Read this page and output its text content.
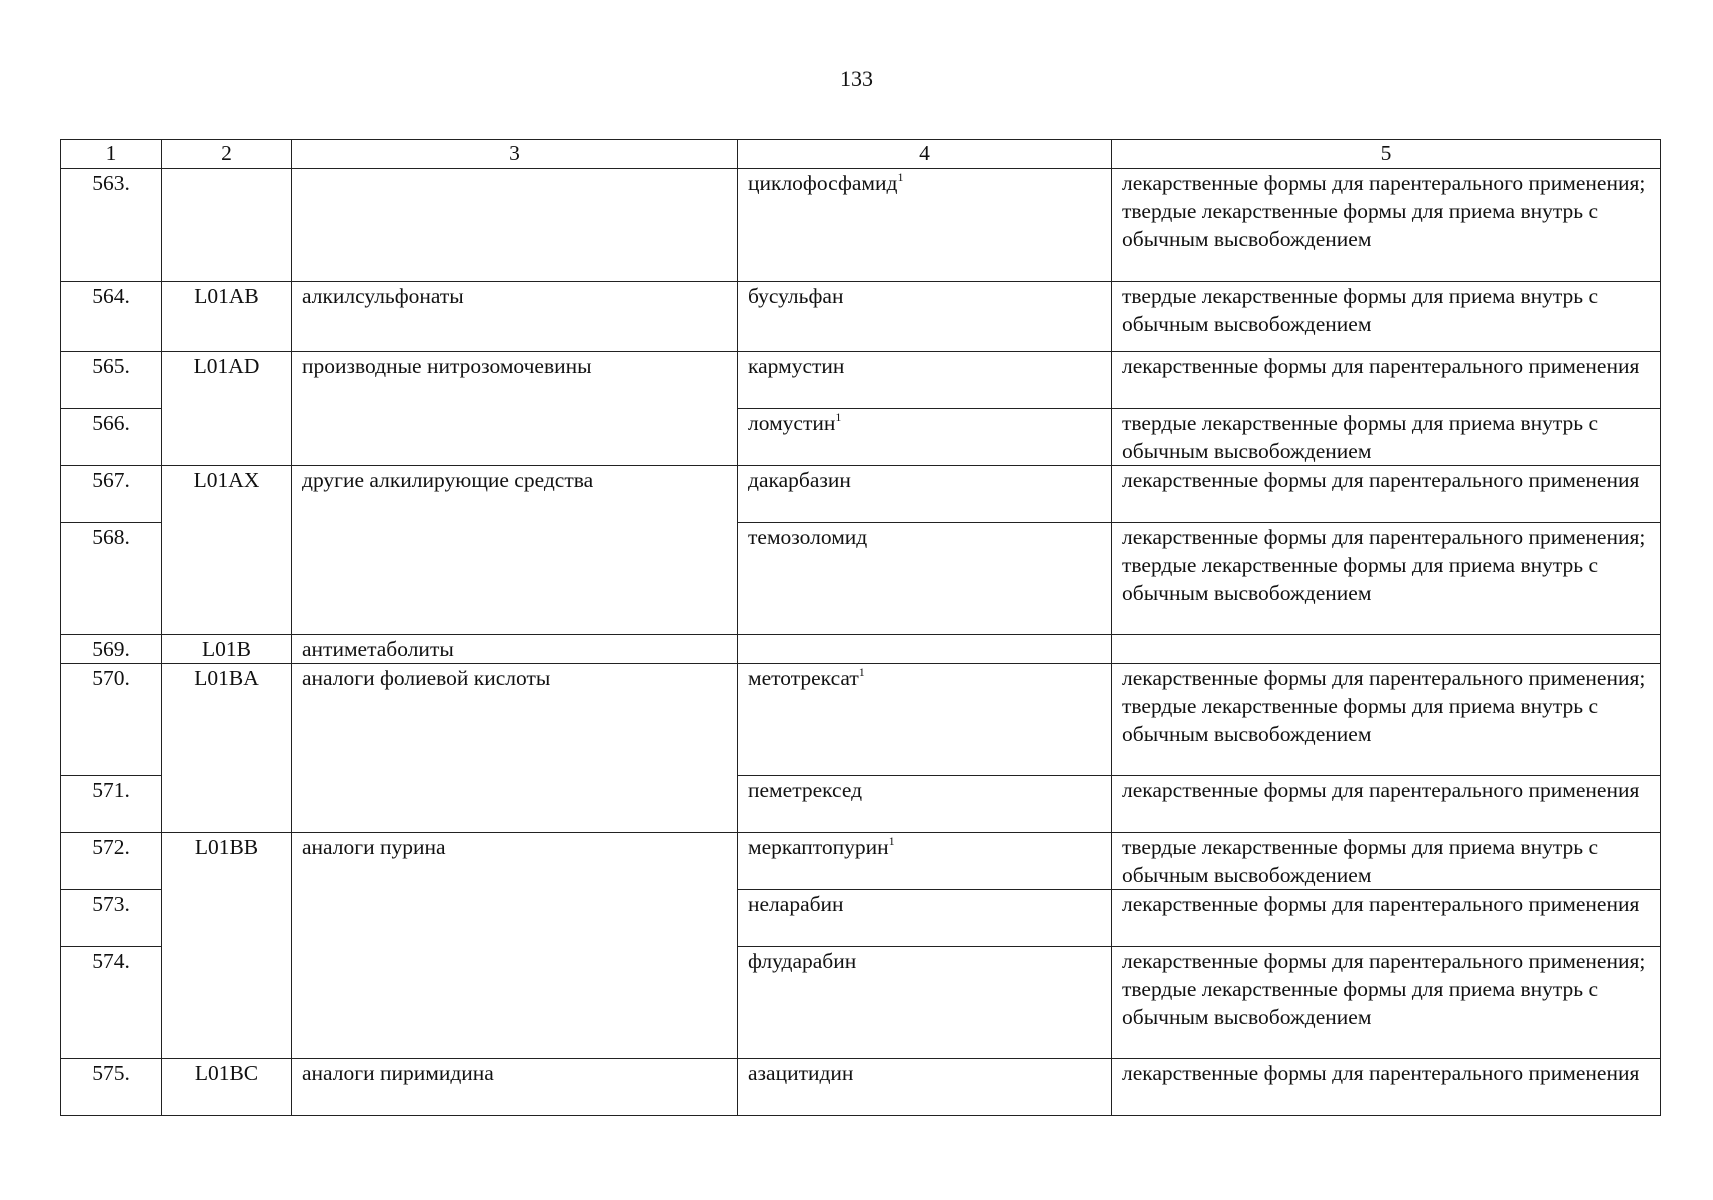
133
1	2	3	4	5
563.			циклофосфамид$^1$	лекарственные формы для парентерального применения;
твердые лекарственные формы для приема внутрь с обычным высвобождением

564.	L01AB	алкилсульфонаты	бусульфан	твердые лекарственные формы для приема внутрь с обычным высвобождением

565.	L01AD	производные нитрозомочевины	кармустин	лекарственные формы для парентерального применения

566.			ломустин$^1$	твердые лекарственные формы для приема внутрь с обычным высвобождением

567.	L01AX	другие алкилирующие средства	дакарбазин	лекарственные формы для парентерального применения

568.			темозоломид	лекарственные формы для парентерального применения;
твердые лекарственные формы для приема внутрь с обычным высвобождением

569.	L01B	антиметаболиты		

570.	L01BA	аналоги фолиевой кислоты	метотрексат$^1$	лекарственные формы для парентерального применения;
твердые лекарственные формы для приема внутрь с обычным высвобождением

571.			пеметрексед	лекарственные формы для парентерального применения

572.	L01BB	аналоги пурина	меркаптопурин$^1$	твердые лекарственные формы для приема внутрь с обычным высвобождением

573.			неларабин	лекарственные формы для парентерального применения

574.			флударабин	лекарственные формы для парентерального применения;
твердые лекарственные формы для приема внутрь с обычным высвобождением

575.	L01BC	аналоги пиримидина	азацитидин	лекарственные формы для парентерального применения
